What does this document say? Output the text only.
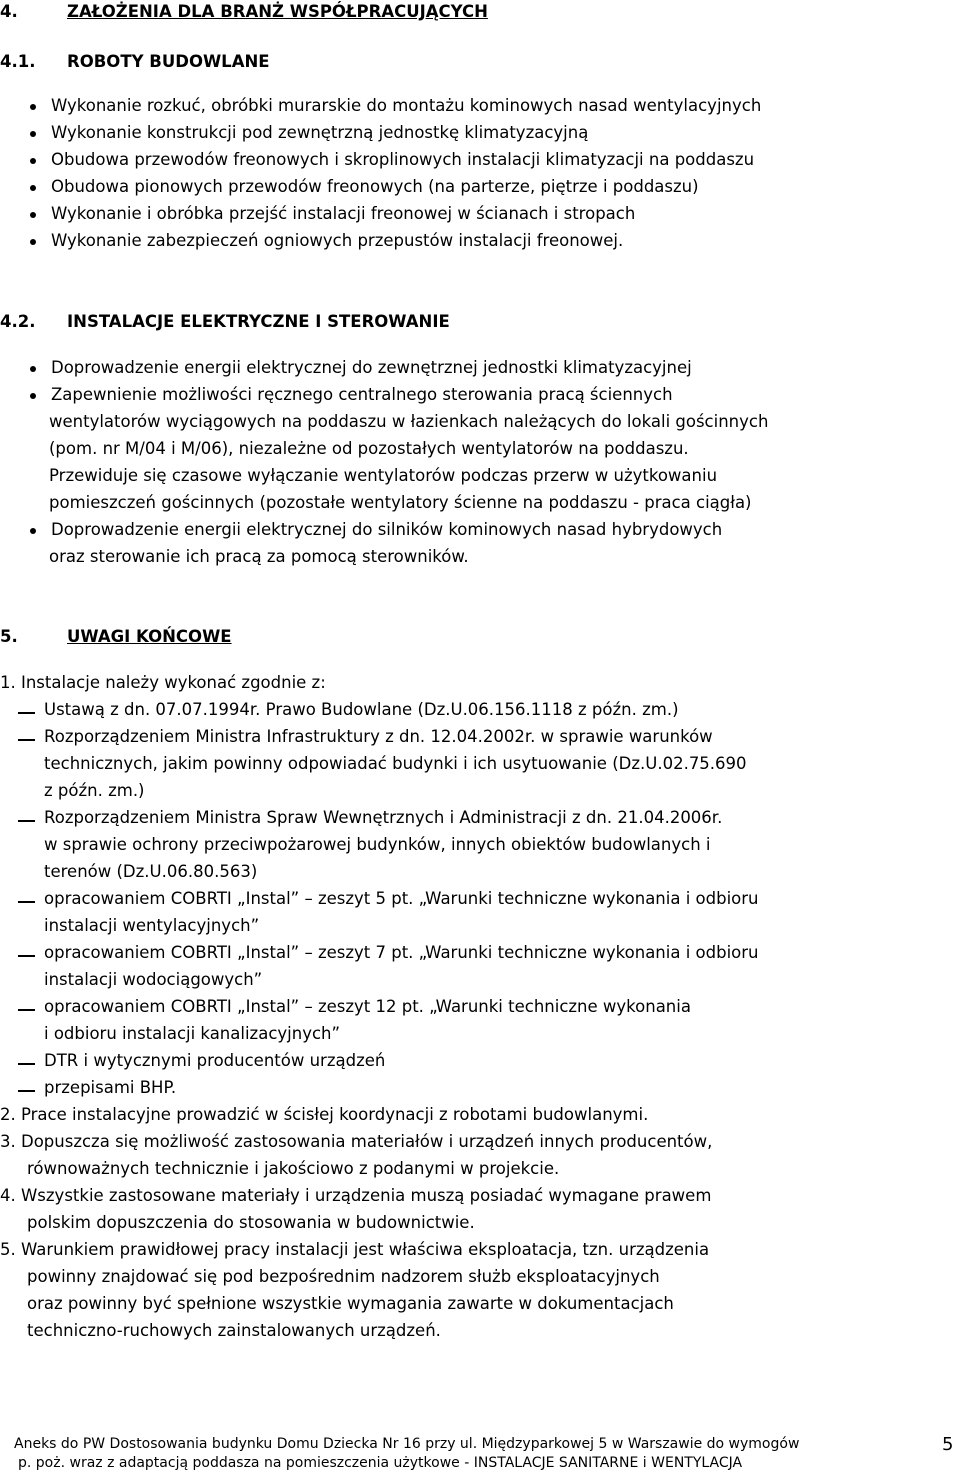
4.	ZAŁOŻENIA DLA BRANŻ WSPÓŁPRACUJĄCYCH
4.1. ROBOTY BUDOWLANE
Wykonanie rozkuć, obróbki murarskie do montażu kominowych nasad wentylacyjnych
Wykonanie konstrukcji pod zewnętrzną jednostkę klimatyzacyjną
Obudowa przewodów freonowych i skroplinowych instalacji klimatyzacji na poddaszu
Obudowa pionowych przewodów freonowych (na parterze, piętrze i poddaszu)
Wykonanie i obróbka przejść instalacji freonowej w ścianach i stropach
Wykonanie zabezpieczeń ogniowych przepustów instalacji freonowej.
4.2. INSTALACJE ELEKTRYCZNE I STEROWANIE
Doprowadzenie energii elektrycznej do zewnętrznej jednostki klimatyzacyjnej
Zapewnienie możliwości ręcznego centralnego sterowania pracą ściennych
wentylatorów wyciągowych na poddaszu w łazienkach należących do lokali gościnnych
(pom. nr M/04 i M/06), niezależne od pozostałych wentylatorów na poddaszu.
Przewiduje się czasowe wyłączanie wentylatorów podczas przerw w użytkowaniu
pomieszczeń gościnnych (pozostałe wentylatory ścienne na poddaszu - praca ciągła)
Doprowadzenie energii elektrycznej do silników kominowych nasad hybrydowych
oraz sterowanie ich pracą za pomocą sterowników.
5.	UWAGI KOŃCOWE
1. Instalacje należy wykonać zgodnie z:
Ustawą z dn. 07.07.1994r. Prawo Budowlane (Dz.U.06.156.1118 z późn. zm.)
Rozporządzeniem Ministra Infrastruktury z dn. 12.04.2002r. w sprawie warunków
technicznych, jakim powinny odpowiadać budynki i ich usytuowanie (Dz.U.02.75.690
z późn. zm.)
Rozporządzeniem Ministra Spraw Wewnętrznych i Administracji z dn. 21.04.2006r.
w sprawie ochrony przeciwpożarowej budynków, innych obiektów budowlanych i
terenów (Dz.U.06.80.563)
opracowaniem COBRTI „Instal” – zeszyt 5 pt. „Warunki techniczne wykonania i odbioru
instalacji wentylacyjnych”
opracowaniem COBRTI „Instal” – zeszyt 7 pt. „Warunki techniczne wykonania i odbioru
instalacji wodociągowych”
opracowaniem COBRTI „Instal” – zeszyt 12 pt. „Warunki techniczne wykonania
i odbioru instalacji kanalizacyjnych”
DTR i wytycznymi producentów urządzeń
przepisami BHP.
2. Prace instalacyjne prowadzić w ścisłej koordynacji z robotami budowlanymi.
3. Dopuszcza się możliwość zastosowania materiałów i urządzeń innych producentów,
równoważnych technicznie i jakościowo z podanymi w projekcie.
4. Wszystkie zastosowane materiały i urządzenia muszą posiadać wymagane prawem
polskim dopuszczenia do stosowania w budownictwie.
5. Warunkiem prawidłowej pracy instalacji jest właściwa eksploatacja, tzn. urządzenia
powinny znajdować się pod bezpośrednim nadzorem służb eksploatacyjnych
oraz powinny być spełnione wszystkie wymagania zawarte w dokumentacjach
techniczno-ruchowych zainstalowanych urządzeń.
Aneks do PW Dostosowania budynku Domu Dziecka Nr 16 przy ul. Międzyparkowej 5 w Warszawie do wymogów
p. poż. wraz z adaptacją poddasza na pomieszczenia użytkowe - INSTALACJE SANITARNE i WENTYLACJA
5
